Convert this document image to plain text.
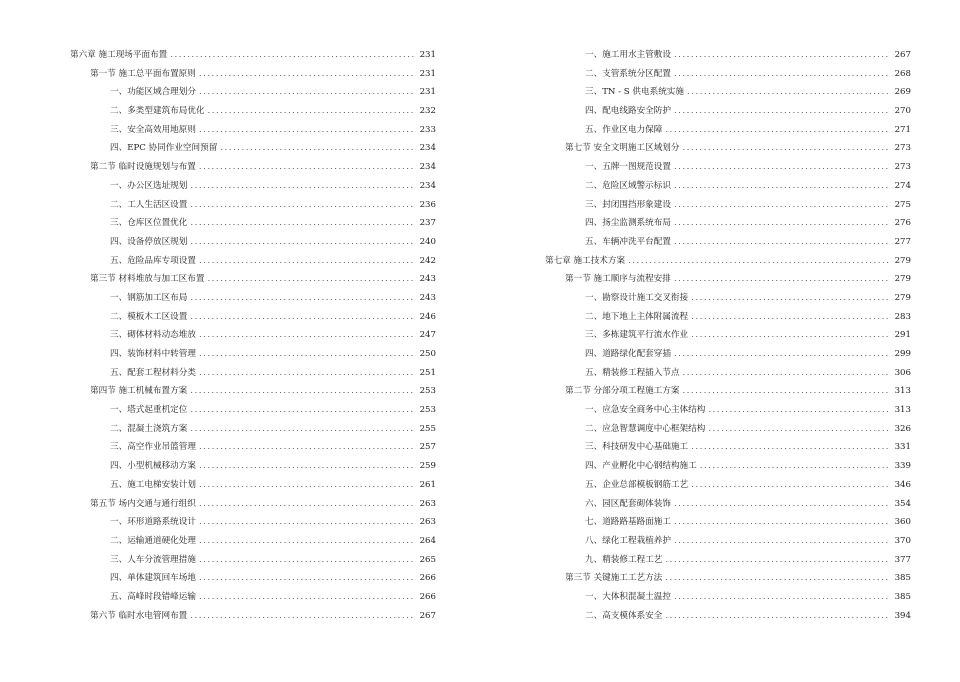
第六章 施工现场平面布置 .....	231
第一节 施工总平面布置原则 .....	231
一、功能区域合理划分 .....	231
二、多类型建筑布局优化 .....	232
三、安全高效用地原则 .....	233
四、EPC 协同作业空间预留 .....	234
第二节 临时设施规划与布置 .....	234
一、办公区选址规划 .....	234
二、工人生活区设置 .....	236
三、仓库区位置优化 .....	237
四、设备停放区规划 .....	240
五、危险品库专项设置 .....	242
第三节 材料堆放与加工区布置 .....	243
一、钢筋加工区布局 .....	243
二、模板木工区设置 .....	246
三、砌体材料动态堆放 .....	247
四、装饰材料中转管理 .....	250
五、配套工程材料分类 .....	251
第四节 施工机械布置方案 .....	253
一、塔式起重机定位 .....	253
二、混凝土浇筑方案 .....	255
三、高空作业吊篮管理 .....	257
四、小型机械移动方案 .....	259
五、施工电梯安装计划 .....	261
第五节 场内交通与通行组织 .....	263
一、环形道路系统设计 .....	263
二、运输通道硬化处理 .....	264
三、人车分流管理措施 .....	265
四、单体建筑回车场地 .....	266
五、高峰时段错峰运输 .....	266
第六节 临时水电管网布置 .....	267
一、施工用水主管敷设 .....	267
二、支管系统分区配置 .....	268
三、TN - S 供电系统实施 .....	269
四、配电线路安全防护 .....	270
五、作业区电力保障 .....	271
第七节 安全文明施工区域划分 .....	273
一、五牌一图规范设置 .....	273
二、危险区域警示标识 .....	274
三、封闭围挡形象建设 .....	275
四、扬尘监测系统布局 .....	276
五、车辆冲洗平台配置 .....	277
第七章 施工技术方案 .....	279
第一节 施工顺序与流程安排 .....	279
一、勘察设计施工交叉衔接 .....	279
二、地下地上主体附属流程 .....	283
三、多栋建筑平行流水作业 .....	291
四、道路绿化配套穿插 .....	299
五、精装修工程插入节点 .....	306
第二节 分部分项工程施工方案 .....	313
一、应急安全商务中心主体结构 .....	313
二、应急智慧调度中心框架结构 .....	326
三、科技研发中心基础施工 .....	331
四、产业孵化中心钢结构施工 .....	339
五、企业总部模板钢筋工艺 .....	346
六、园区配套砌体装饰 .....	354
七、道路路基路面施工 .....	360
八、绿化工程栽植养护 .....	370
九、精装修工程工艺 .....	377
第三节 关键施工工艺方法 .....	385
一、大体积混凝土温控 .....	385
二、高支模体系安全 .....	394
